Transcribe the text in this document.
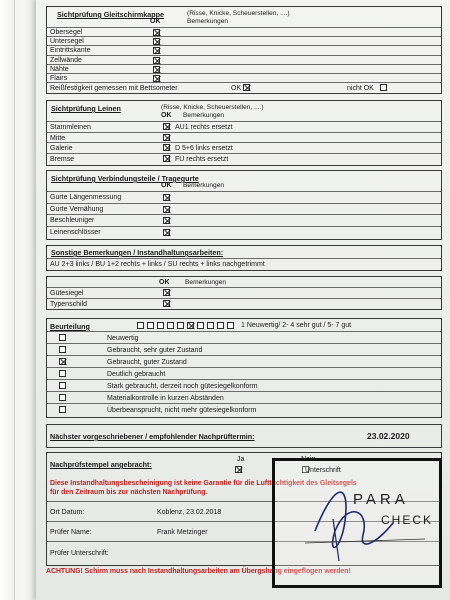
Sichtprüfung Gleitschirmkappe	(Risse, Knicke, Scheuerstellen, ....)
OK	Bemerkungen
Reißfestigkeit gemessen mit Bettsometer	OK	nicht OK
Obersegel
Untersegel
Eintrittskante
Zellwände
Nähte
Flairs
Sichtprüfung Leinen	(Risse, Knicke, Scheuerstellen, ....)
OK Bemerkungen
Stammleinen	AU1 rechts ersetzt
Mitte
Galerie	D 5+6 links ersetzt
Bremse	FU rechts ersetzt
Sichtprüfung Verbindungsteile / Tragegurte
OK Bemerkungen
Gurte Längenmessung
Gurte Vernähung
Beschleuniger
Leinenschlösser
Sonstige Bemerkungen / Instandhaltungsarbeiten:
AU 2+3 links / BU 1+2 rechts + links / SU rechts + links nachgetrimmt
OK Bemerkungen
Gütesiegel
Typenschild
Beurteilung	1 Neuwertig/ 2- 4 sehr gut / 5- 7 gut
Neuwertig
Gebraucht, sehr guter Zustand
Gebraucht, guter Zustand
Deutlich gebraucht
Stark gebraucht, derzeit noch gütesiegelkonform
Materialkontrolle in kurzen Abständen
Überbeansprucht, nicht mehr gütesiegelkonform
Nächster vorgeschriebener / empfohlender Nachprüftermin:	23.02.2020
Nachprüfstempel angebracht:
Ja	Nein
Diese Instandhaltungsbescheinigung ist keine Garantie für die Lufttüchtigkeit des Gleitsegels
für den Zeitraum bis zur nächsten Nachprüfung.
Ort Datum:	Koblenz, 23.02.2018
Prüfer Name:	Frank Metzinger
Prüfer Unterschrift:
ACHTUNG! Schirm muss nach Instandhaltungsarbeiten am Übergshang eingeflogen werden!
Unterschrift
PARA
CHECK
